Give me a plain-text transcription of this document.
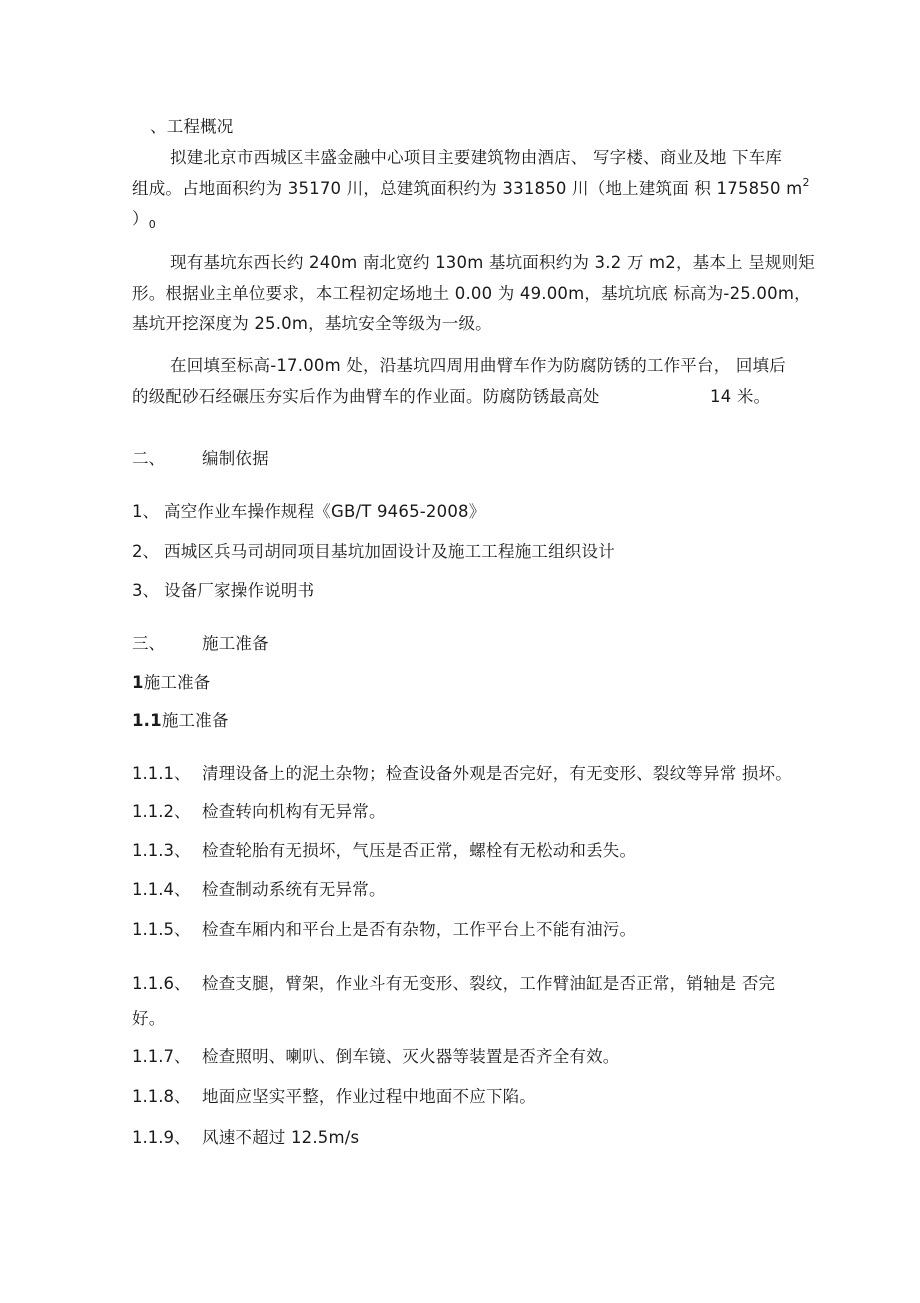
、工程概况
拟建北京市西城区丰盛金融中心项目主要建筑物由酒店、 写字楼、商业及地 下车库
组成。占地面积约为 35170 川，总建筑面积约为 331850 川（地上建筑面 积 175850 $m^2$
）$_0$
现有基坑东西长约 240m 南北宽约 130m 基坑面积约为 3.2 万 m2，基本上 呈规则矩
形。根据业主单位要求，本工程初定场地土 0.00 为 49.00m，基坑坑底 标高为-25.00m，
基坑开挖深度为 25.0m，基坑安全等级为一级。
在回填至标高-17.00m 处，沿基坑四周用曲臂车作为防腐防锈的工作平台， 回填后
的级配砂石经碾压夯实后作为曲臂车的作业面。防腐防锈最高处	14 米。
二、 编制依据
1、 高空作业车操作规程《GB/T 9465-2008》
2、 西城区兵马司胡同项目基坑加固设计及施工工程施工组织设计
3、 设备厂家操作说明书
三、 施工准备
1施工准备
1.1施工准备
1.1.1、 清理设备上的泥土杂物；检查设备外观是否完好，有无变形、裂纹等异常 损坏。
1.1.2、 检查转向机构有无异常。
1.1.3、 检查轮胎有无损坏，气压是否正常，螺栓有无松动和丢失。
1.1.4、 检查制动系统有无异常。
1.1.5、 检查车厢内和平台上是否有杂物，工作平台上不能有油污。
1.1.6、 检查支腿，臂架，作业斗有无变形、裂纹，工作臂油缸是否正常，销轴是 否完
好。
1.1.7、 检查照明、喇叭、倒车镜、灭火器等装置是否齐全有效。
1.1.8、 地面应坚实平整，作业过程中地面不应下陷。
1.1.9、 风速不超过 12.5m/s
